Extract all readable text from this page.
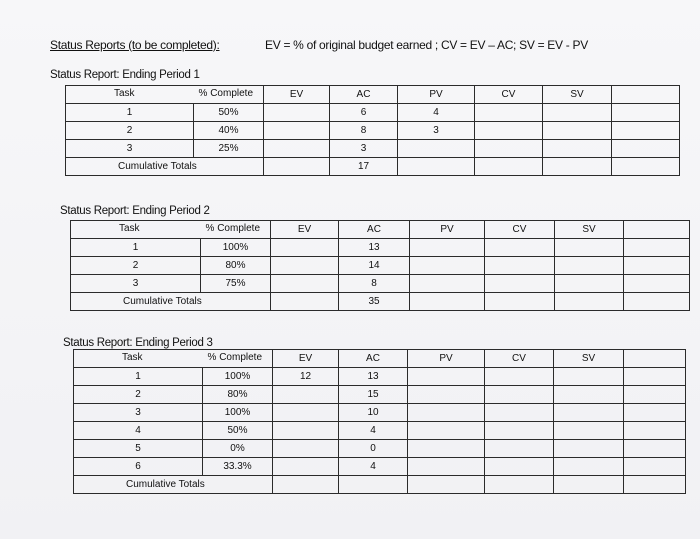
Status Reports (to be completed):	EV = % of original budget earned ; CV = EV – AC; SV = EV - PV
Status Report: Ending Period 1
Task % Complete		EV	AC	PV	CV	SV	
1	50%		6	4			
2	40%		8	3			
3	25%		3				
Cumulative Totals			17				
Status Report: Ending Period 2
Task % Complete		EV	AC	PV	CV	SV	
1	100%		13				
2	80%		14				
3	75%		8				
Cumulative Totals			35				
Status Report: Ending Period 3
Task % Complete		EV	AC	PV	CV	SV	
1	100%	12	13				
2	80%		15				
3	100%		10				
4	50%		4				
5	0%		0				
6	33.3%		4				
Cumulative Totals							
